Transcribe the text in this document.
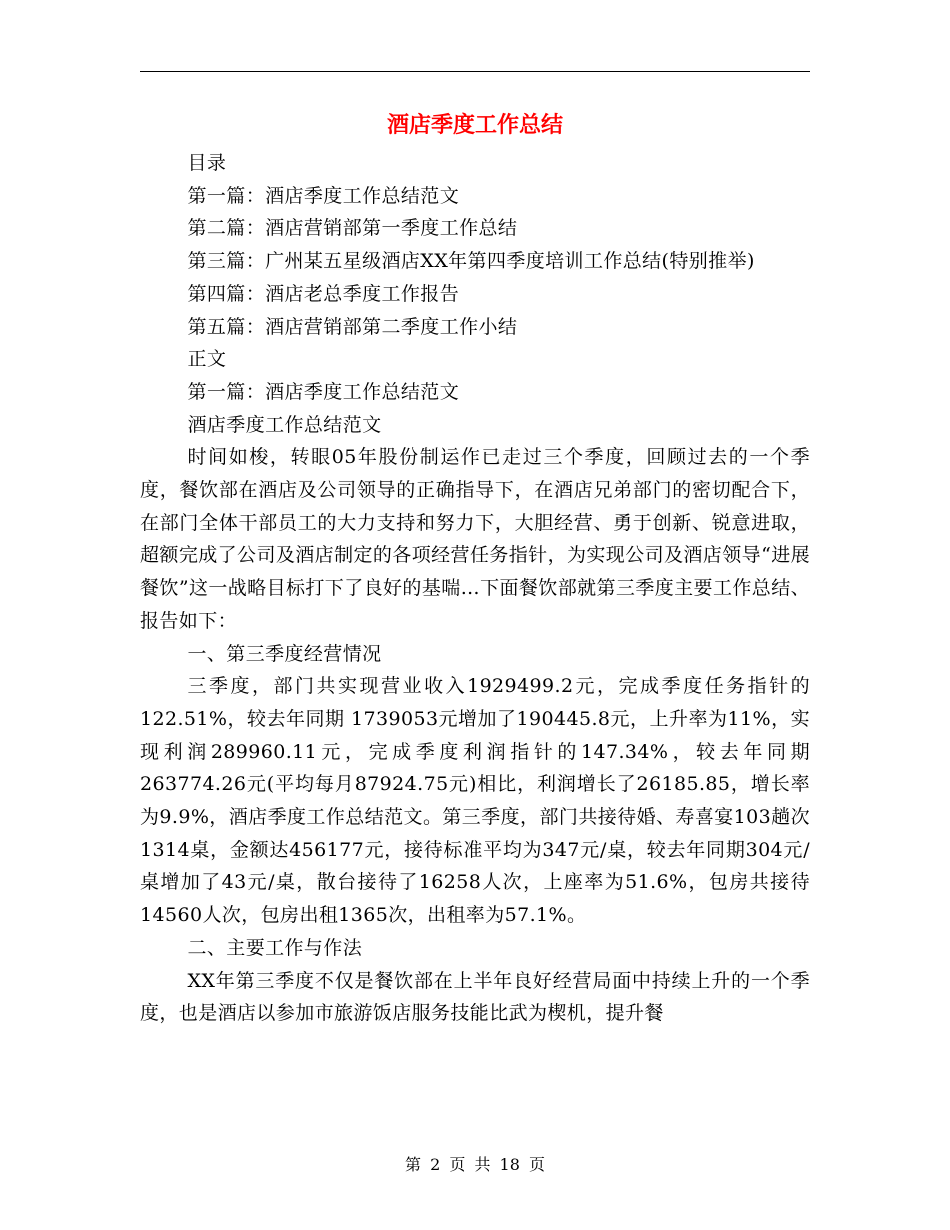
酒店季度工作总结

目录

第一篇：酒店季度工作总结范文

第二篇：酒店营销部第一季度工作总结

第三篇：广州某五星级酒店XX年第四季度培训工作总结(特别推举)

第四篇：酒店老总季度工作报告

第五篇：酒店营销部第二季度工作小结

正文

第一篇：酒店季度工作总结范文

酒店季度工作总结范文

时间如梭，转眼05年股份制运作已走过三个季度，回顾过去的一个季度，餐饮部在酒店及公司领导的正确指导下，在酒店兄弟部门的密切配合下，在部门全体干部员工的大力支持和努力下，大胆经营、勇于创新、锐意进取，超额完成了公司及酒店制定的各项经营任务指针，为实现公司及酒店领导“进展餐饮”这一战略目标打下了良好的基喘…下面餐饮部就第三季度主要工作总结、报告如下：

一、第三季度经营情况

三季度，部门共实现营业收入1929499.2元，完成季度任务指针的122.51%，较去年同期 1739053元增加了190445.8元，上升率为11%，实现利润289960.11元，完成季度利润指针的147.34%，较去年同期263774.26元(平均每月87924.75元)相比，利润增长了26185.85，增长率为9.9%，酒店季度工作总结范文。第三季度，部门共接待婚、寿喜宴103趟次 1314桌，金额达456177元，接待标准平均为347元/桌，较去年同期304元/桌增加了43元/桌，散台接待了16258人次，上座率为51.6%，包房共接待14560人次，包房出租1365次，出租率为57.1%。

二、主要工作与作法

XX年第三季度不仅是餐饮部在上半年良好经营局面中持续上升的一个季度，也是酒店以参加市旅游饭店服务技能比武为楔机，提升餐

第 2 页 共 18 页
